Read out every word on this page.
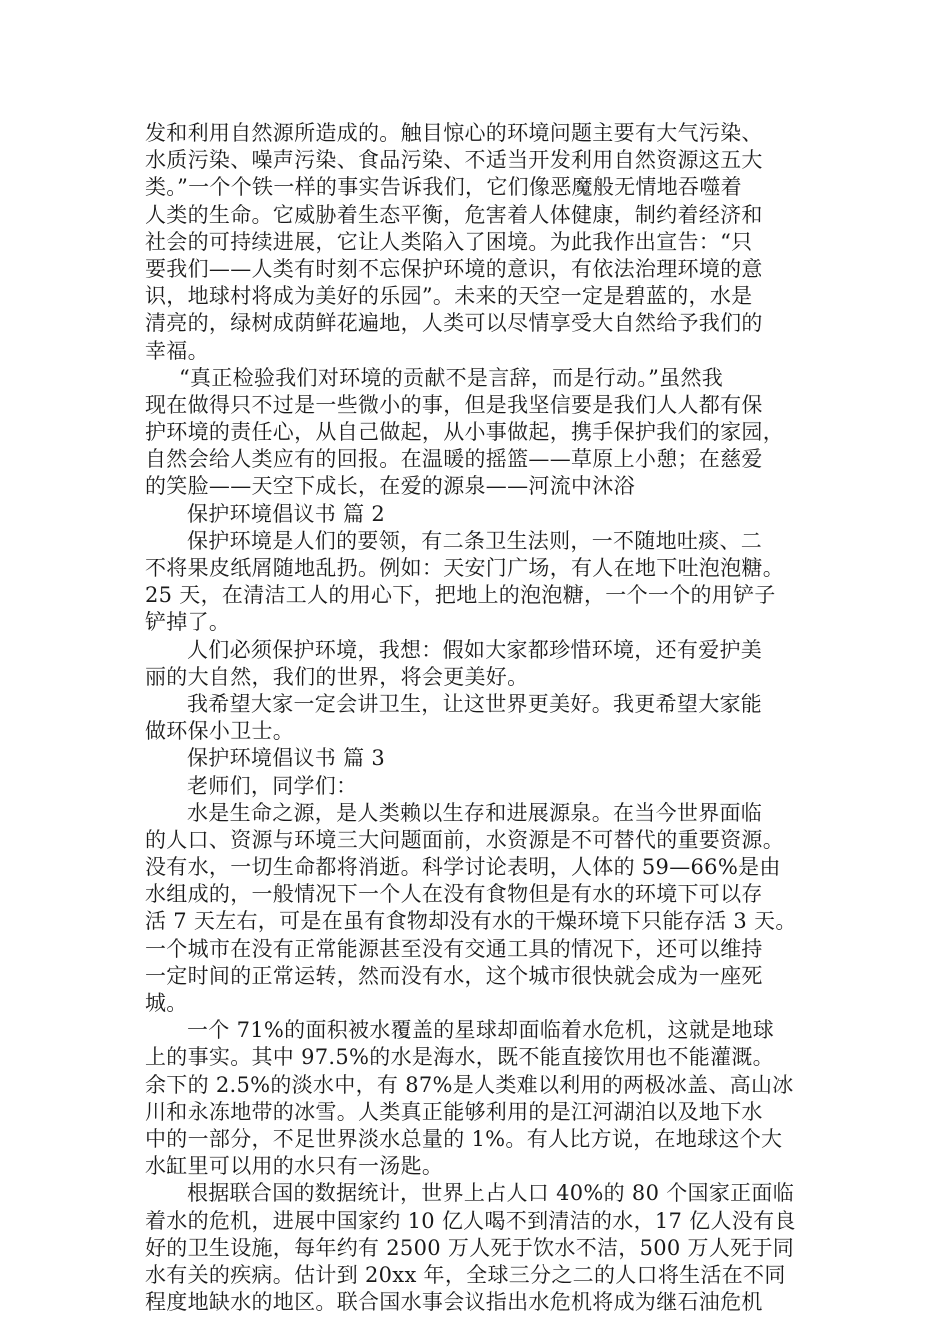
发和利用自然源所造成的。触目惊心的环境问题主要有大气污染、
水质污染、噪声污染、食品污染、不适当开发利用自然资源这五大
类。”一个个铁一样的事实告诉我们，它们像恶魔般无情地吞噬着
人类的生命。它威胁着生态平衡，危害着人体健康，制约着经济和
社会的可持续进展，它让人类陷入了困境。为此我作出宣告：“只
要我们——人类有时刻不忘保护环境的意识，有依法治理环境的意
识，地球村将成为美好的乐园”。未来的天空一定是碧蓝的，水是
清亮的，绿树成荫鲜花遍地，人类可以尽情享受大自然给予我们的
幸福。
“真正检验我们对环境的贡献不是言辞，而是行动。”虽然我
现在做得只不过是一些微小的事，但是我坚信要是我们人人都有保
护环境的责任心，从自己做起，从小事做起，携手保护我们的家园，
自然会给人类应有的回报。在温暖的摇篮——草原上小憩；在慈爱
的笑脸——天空下成长，在爱的源泉——河流中沐浴
保护环境倡议书 篇 2
保护环境是人们的要领，有二条卫生法则，一不随地吐痰、二
不将果皮纸屑随地乱扔。例如：天安门广场，有人在地下吐泡泡糖。
25 天，在清洁工人的用心下，把地上的泡泡糖，一个一个的用铲子
铲掉了。
人们必须保护环境，我想：假如大家都珍惜环境，还有爱护美
丽的大自然，我们的世界，将会更美好。
我希望大家一定会讲卫生，让这世界更美好。我更希望大家能
做环保小卫士。
保护环境倡议书 篇 3
老师们，同学们：
水是生命之源，是人类赖以生存和进展源泉。在当今世界面临
的人口、资源与环境三大问题面前，水资源是不可替代的重要资源。
没有水，一切生命都将消逝。科学讨论表明，人体的 59—66%是由
水组成的，一般情况下一个人在没有食物但是有水的环境下可以存
活 7 天左右，可是在虽有食物却没有水的干燥环境下只能存活 3 天。
一个城市在没有正常能源甚至没有交通工具的情况下，还可以维持
一定时间的正常运转，然而没有水，这个城市很快就会成为一座死
城。
一个 71%的面积被水覆盖的星球却面临着水危机，这就是地球
上的事实。其中 97.5%的水是海水，既不能直接饮用也不能灌溉。
余下的 2.5%的淡水中，有 87%是人类难以利用的两极冰盖、高山冰
川和永冻地带的冰雪。人类真正能够利用的是江河湖泊以及地下水
中的一部分，不足世界淡水总量的 1%。有人比方说，在地球这个大
水缸里可以用的水只有一汤匙。
根据联合国的数据统计，世界上占人口 40%的 80 个国家正面临
着水的危机，进展中国家约 10 亿人喝不到清洁的水，17 亿人没有良
好的卫生设施，每年约有 2500 万人死于饮水不洁，500 万人死于同
水有关的疾病。估计到 20xx 年，全球三分之二的人口将生活在不同
程度地缺水的地区。联合国水事会议指出水危机将成为继石油危机
